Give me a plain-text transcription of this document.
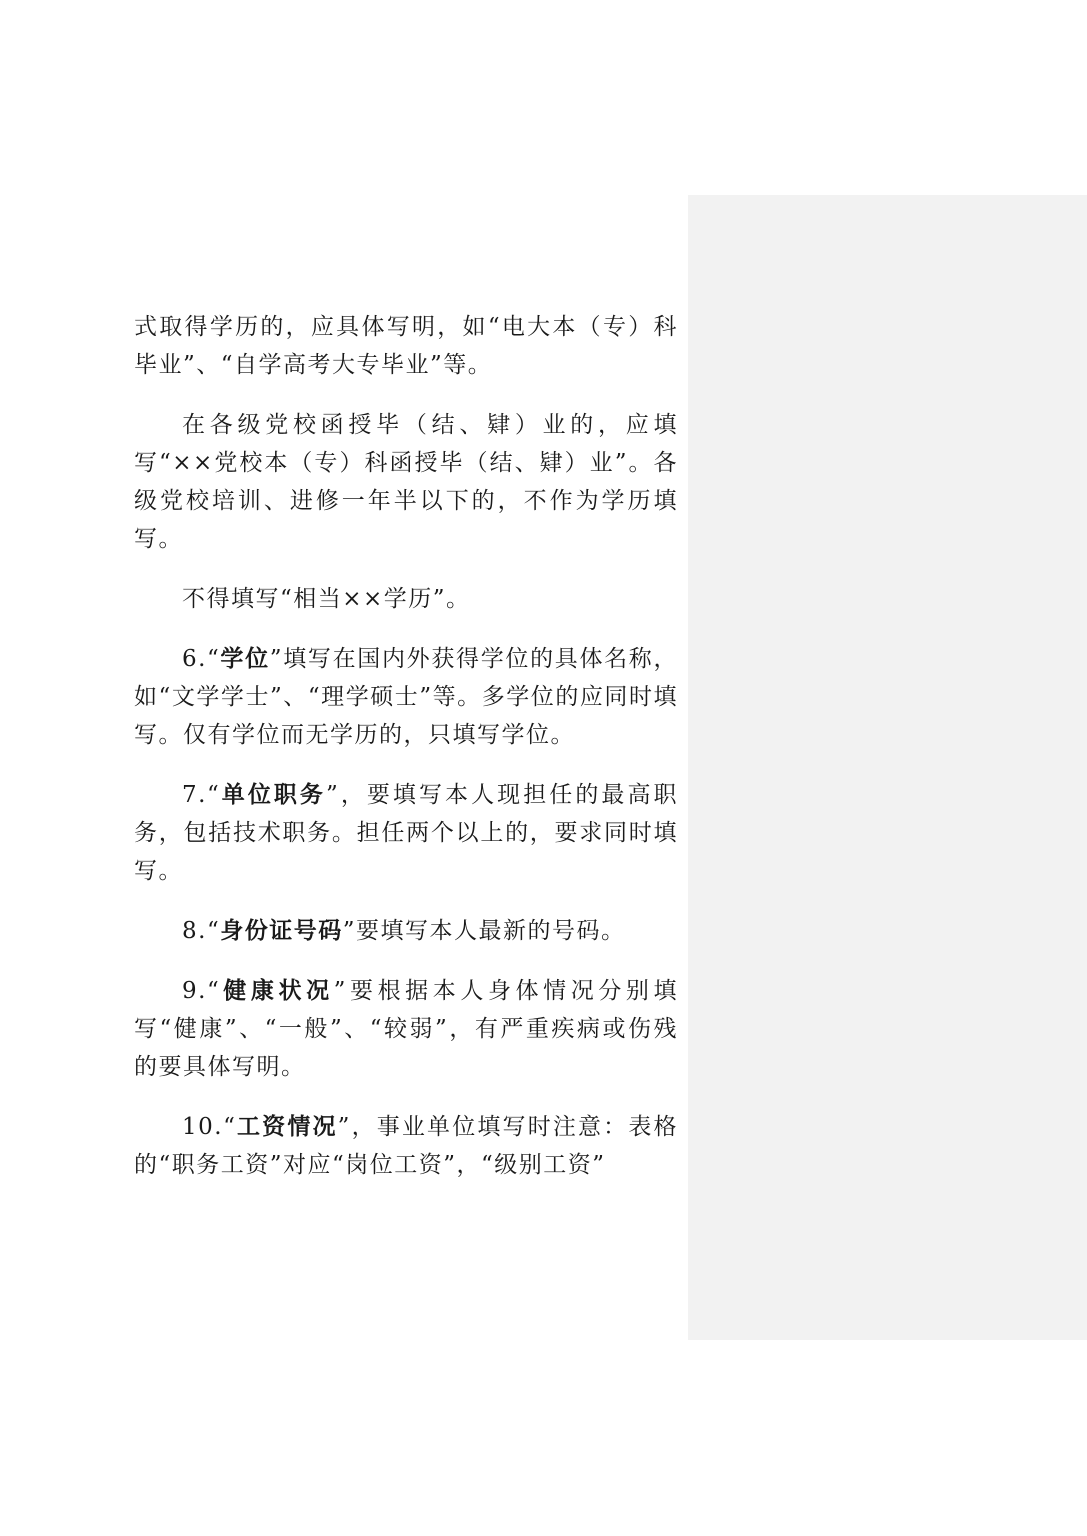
式取得学历的，应具体写明，如“电大本（专）科毕业”、“自学高考大专毕业”等。

在各级党校函授毕（结、肄）业的，应填写“××党校本（专）科函授毕（结、肄）业”。各级党校培训、进修一年半以下的，不作为学历填写。

不得填写“相当××学历”。

6.“学位”填写在国内外获得学位的具体名称，如“文学学士”、“理学硕士”等。多学位的应同时填写。仅有学位而无学历的，只填写学位。

7.“单位职务”，要填写本人现担任的最高职务，包括技术职务。担任两个以上的，要求同时填写。

8.“身份证号码”要填写本人最新的号码。

9.“健康状况”要根据本人身体情况分别填写“健康”、“一般”、“较弱”，有严重疾病或伤残的要具体写明。

10.“工资情况”，事业单位填写时注意：表格的“职务工资”对应“岗位工资”，“级别工资”
